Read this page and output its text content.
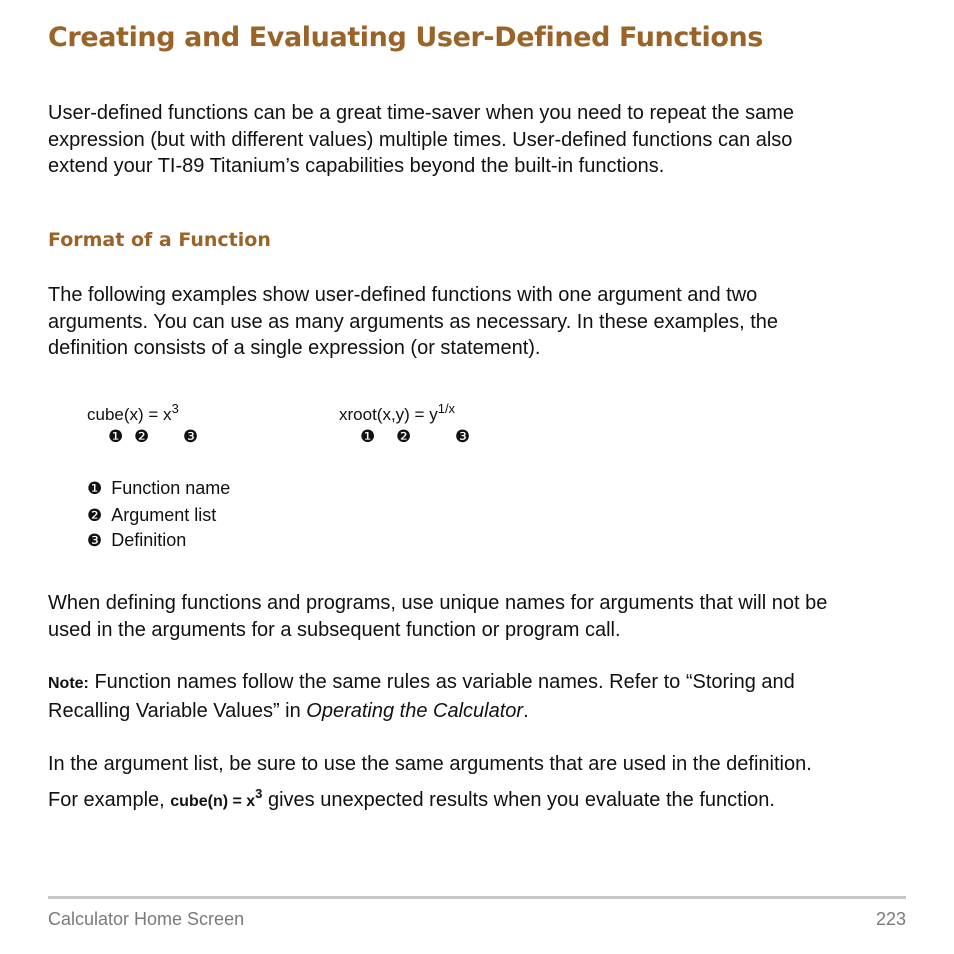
Creating and Evaluating User-Defined Functions

User-defined functions can be a great time-saver when you need to repeat the same
expression (but with different values) multiple times. User-defined functions can also
extend your TI-89 Titanium’s capabilities beyond the built-in functions.

Format of a Function

The following examples show user-defined functions with one argument and two
arguments. You can use as many arguments as necessary. In these examples, the
definition consists of a single expression (or statement).

cube(x) = $x^3$
❶ ❷ ❸
xroot(x,y) = $y^{1/x}$
❶ ❷	❸
❶ Function name
❷ Argument list
❸ Definition

When defining functions and programs, use unique names for arguments that will not be
used in the arguments for a subsequent function or program call.

Note: Function names follow the same rules as variable names. Refer to “Storing and
Recalling Variable Values” in Operating the Calculator.

In the argument list, be sure to use the same arguments that are used in the definition.
For example, cube(n) = $x^3$ gives unexpected results when you evaluate the function.

Calculator Home Screen	223
